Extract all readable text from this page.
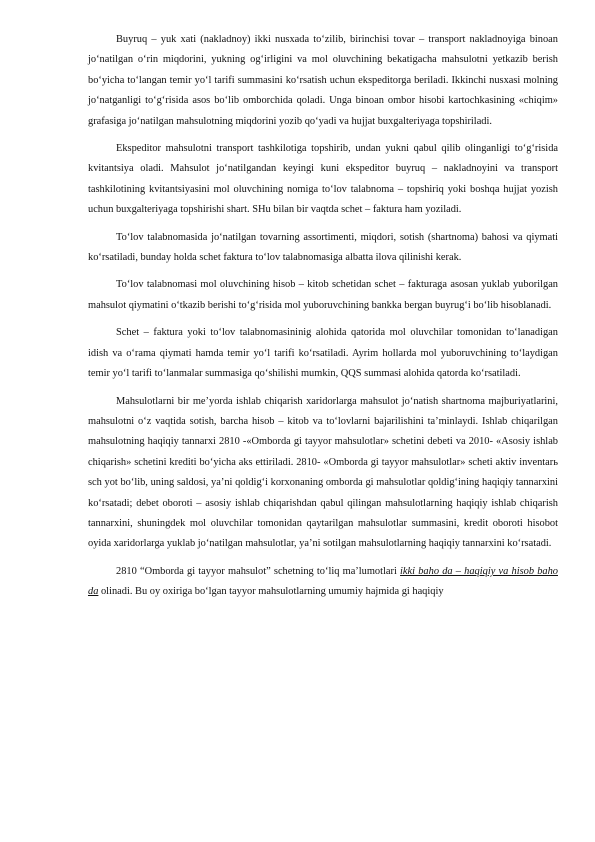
Buyruq – yuk xati (nakladnoy) ikki nusxada to‘zilib, birinchisi tovar – transport nakladnoyiga binoan jo‘natilgan o‘rin miqdorini, yukning og‘irligini va mol oluvchining bekatigacha mahsulotni yetkazib berish bo‘yicha to‘langan temir yo‘l tarifi summasini ko‘rsatish uchun ekspeditorga beriladi. Ikkinchi nusxasi molning jo‘natganligi to‘g‘risida asos bo‘lib omborchida qoladi. Unga binoan ombor hisobi kartochkasining «chiqim» grafasiga jo‘natilgan mahsulotning miqdorini yozib qo‘yadi va hujjat buxgalteriyaga topshiriladi.

Ekspeditor mahsulotni transport tashkilotiga topshirib, undan yukni qabul qilib olinganligi to‘g‘risida kvitantsiya oladi. Mahsulot jo‘natilgandan keyingi kuni ekspeditor buyruq – nakladnoyini va transport tashkilotining kvitantsiyasini mol oluvchining nomiga to‘lov talabnoma – topshiriq yoki boshqa hujjat yozish uchun buxgalteriyaga topshirishi shart. SHu bilan bir vaqtda schet – faktura ham yoziladi.

To‘lov talabnomasida jo‘natilgan tovarning assortimenti, miqdori, sotish (shartnoma) bahosi va qiymati ko‘rsatiladi, bunday holda schet faktura to‘lov talabnomasiga albatta ilova qilinishi kerak.

To‘lov talabnomasi mol oluvchining hisob – kitob schetidan schet – fakturaga asosan yuklab yuborilgan mahsulot qiymatini o‘tkazib berishi to‘g‘risida mol yuboruvchining bankka bergan buyrug‘i bo‘lib hisoblanadi.

Schet – faktura yoki to‘lov talabnomasininig alohida qatorida mol oluvchilar tomonidan to‘lanadigan idish va o‘rama qiymati hamda temir yo‘l tarifi ko‘rsatiladi. Ayrim hollarda mol yuboruvchining to‘laydigan temir yo‘l tarifi to‘lanmalar summasiga qo‘shilishi mumkin, QQS summasi alohida qatorda ko‘rsatiladi.

Mahsulotlarni bir me’yorda ishlab chiqarish xaridorlarga mahsulot jo‘natish shartnoma majburiyatlarini, mahsulotni o‘z vaqtida sotish, barcha hisob – kitob va to‘lovlarni bajarilishini ta’minlaydi. Ishlab chiqarilgan mahsulotning haqiqiy tannarxi 2810 -«Omborda gi tayyor mahsulotlar» schetini debeti va 2010- «Asosiy ishlab chiqarish» schetini krediti bo‘yicha aks ettiriladi. 2810- «Omborda gi tayyor mahsulotlar» scheti aktiv inventarь sch yot bo‘lib, uning saldosi, ya’ni qoldig‘i korxonaning omborda gi mahsulotlar qoldig‘ining haqiqiy tannarxini ko‘rsatadi; debet oboroti – asosiy ishlab chiqarishdan qabul qilingan mahsulotlarning haqiqiy ishlab chiqarish tannarxini, shuningdek mol oluvchilar tomonidan qaytarilgan mahsulotlar summasini, kredit oboroti hisobot oyida xaridorlarga yuklab jo‘natilgan mahsulotlar, ya’ni sotilgan mahsulotlarning haqiqiy tannarxini ko‘rsatadi.

2810 “Omborda gi tayyor mahsulot” schetning to‘liq ma’lumotlari ikki baho da – haqiqiy va hisob baho da olinadi. Bu oy oxiriga bo‘lgan tayyor mahsulotlarning umumiy hajmida gi haqiqiy
